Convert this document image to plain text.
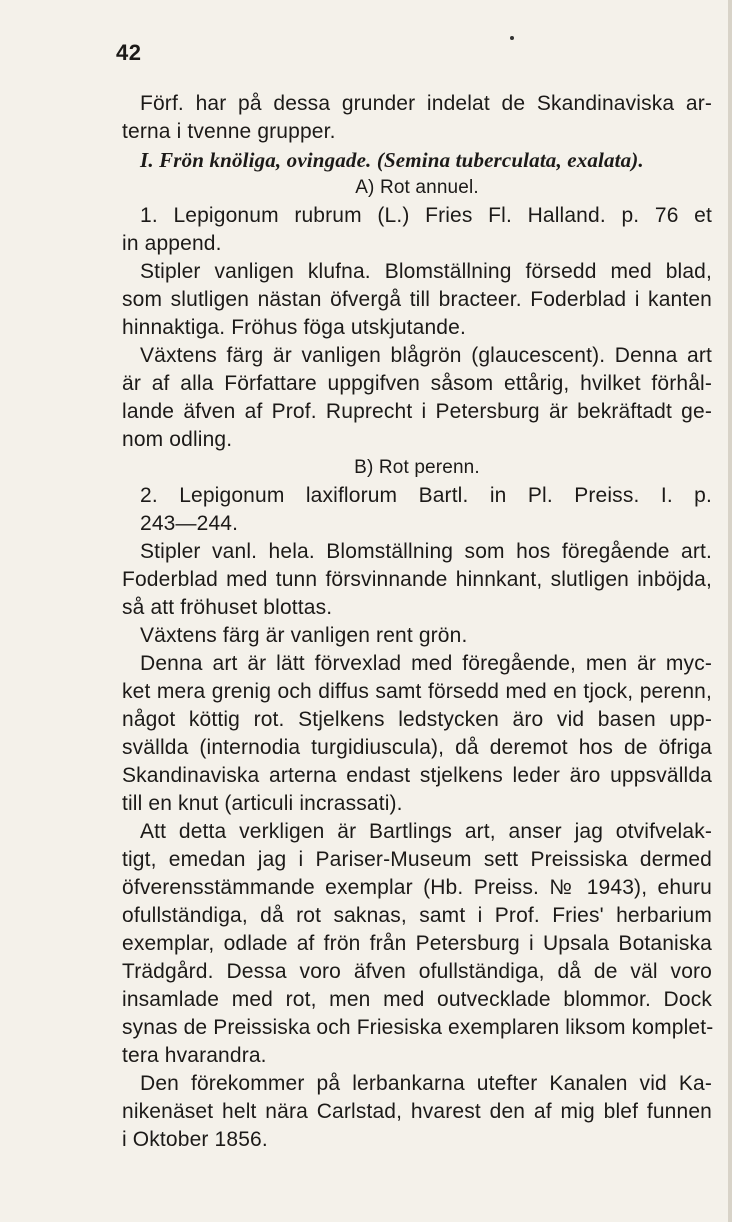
42
Förf. har på dessa grunder indelat de Skandinaviska ar-
terna i tvenne grupper.
I. Frön knöliga, ovingade. (Semina tuberculata, exalata).
A) Rot annuel.
1. Lepigonum rubrum (L.) Fries Fl. Halland. p. 76 et
in append.
Stipler vanligen klufna. Blomställning försedd med blad,
som slutligen nästan öfvergå till bracteer. Foderblad i kanten
hinnaktiga. Fröhus föga utskjutande.
Växtens färg är vanligen blågrön (glaucescent). Denna art
är af alla Författare uppgifven såsom ettårig, hvilket förhål-
lande äfven af Prof. Ruprecht i Petersburg är bekräftadt ge-
nom odling.
B) Rot perenn.
2. Lepigonum laxiflorum Bartl. in Pl. Preiss. I. p.
243—244.
Stipler vanl. hela. Blomställning som hos föregående art.
Foderblad med tunn försvinnande hinnkant, slutligen inböjda,
så att fröhuset blottas.
Växtens färg är vanligen rent grön.
Denna art är lätt förvexlad med föregående, men är myc-
ket mera grenig och diffus samt försedd med en tjock, perenn,
något köttig rot. Stjelkens ledstycken äro vid basen upp-
svällda (internodia turgidiuscula), då deremot hos de öfriga
Skandinaviska arterna endast stjelkens leder äro uppsvällda
till en knut (articuli incrassati).
Att detta verkligen är Bartlings art, anser jag otvifvelak-
tigt, emedan jag i Pariser-Museum sett Preissiska dermed
öfverensstämmande exemplar (Hb. Preiss. № 1943), ehuru
ofullständiga, då rot saknas, samt i Prof. Fries' herbarium
exemplar, odlade af frön från Petersburg i Upsala Botaniska
Trädgård. Dessa voro äfven ofullständiga, då de väl voro
insamlade med rot, men med outvecklade blommor. Dock
synas de Preissiska och Friesiska exemplaren liksom komplet-
tera hvarandra.
Den förekommer på lerbankarna utefter Kanalen vid Ka-
nikenäset helt nära Carlstad, hvarest den af mig blef funnen
i Oktober 1856.
